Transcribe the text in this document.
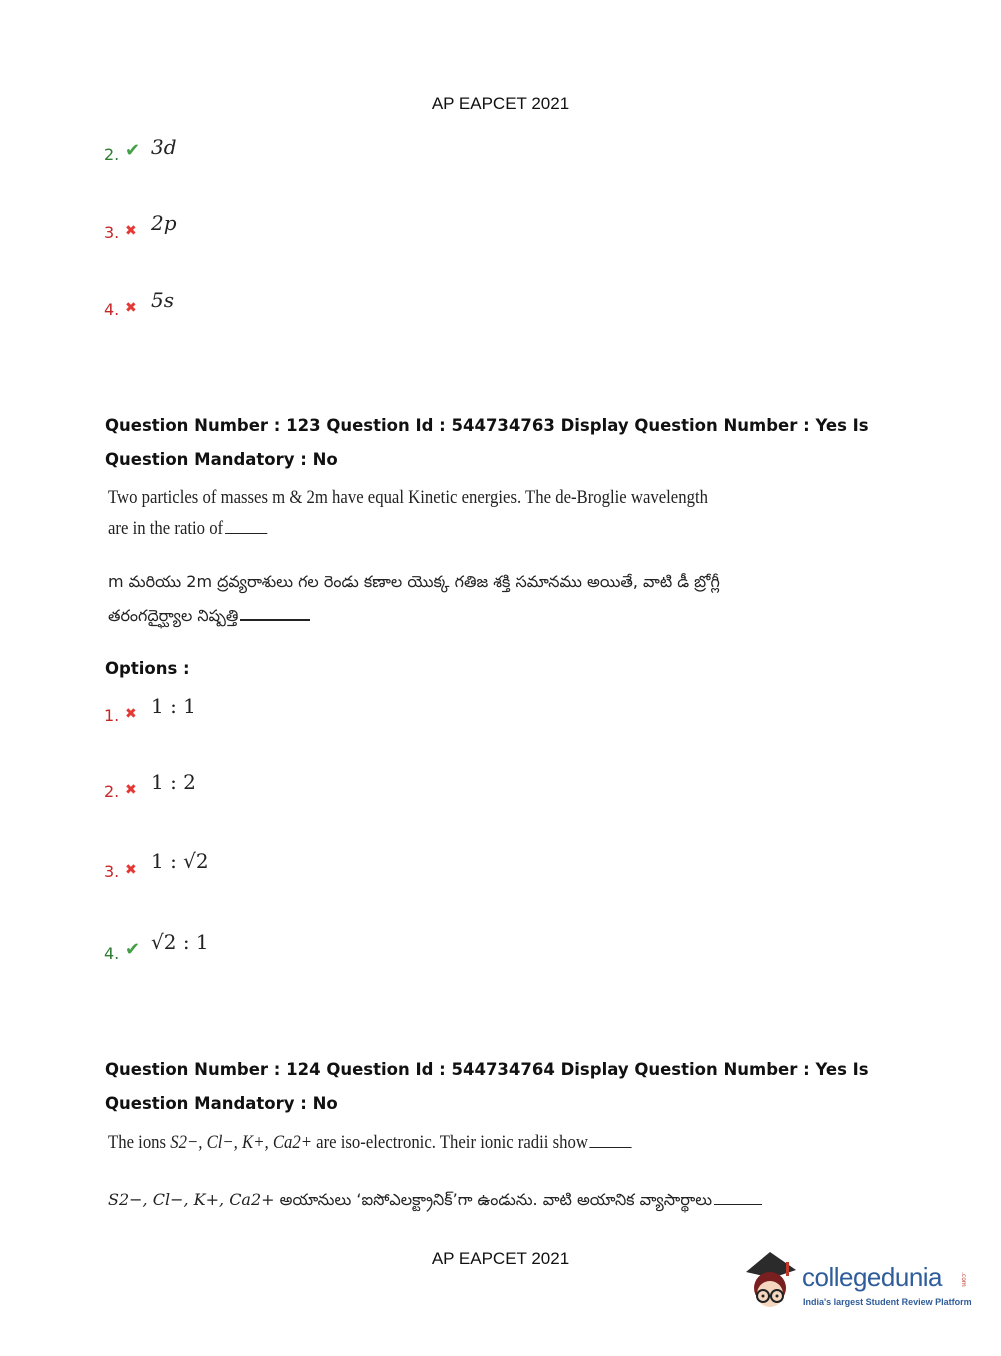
AP EAPCET 2021
2. ✔ 3d
3. ✖ 2p
4. ✖ 5s
Question Number : 123 Question Id : 544734763 Display Question Number : Yes Is Question Mandatory : No
Two particles of masses m & 2m have equal Kinetic energies. The de-Broglie wavelength are in the ratio of
m మరియు 2m ద్రవ్యరాశులు గల రెండు కణాల యొక్క గతిజ శక్తి సమానము అయితే, వాటి డీ బ్రోగ్లీ తరంగదైర్ఘ్యాల నిష్పత్తి
Options :
1. ✖ 1 : 1
2. ✖ 1 : 2
3. ✖ 1 : √2
4. ✔ √2 : 1
Question Number : 124 Question Id : 544734764 Display Question Number : Yes Is Question Mandatory : No
The ions S2−, Cl−, K+, Ca2+ are iso-electronic. Their ionic radii show
S2−, Cl−, K+, Ca2+ అయానులు ‘ఐసోఎలక్ట్రానిక్’గా ఉండును. వాటి అయానిక వ్యాసార్థాలు
AP EAPCET 2021
collegedunia	.com
India's largest Student Review Platform
